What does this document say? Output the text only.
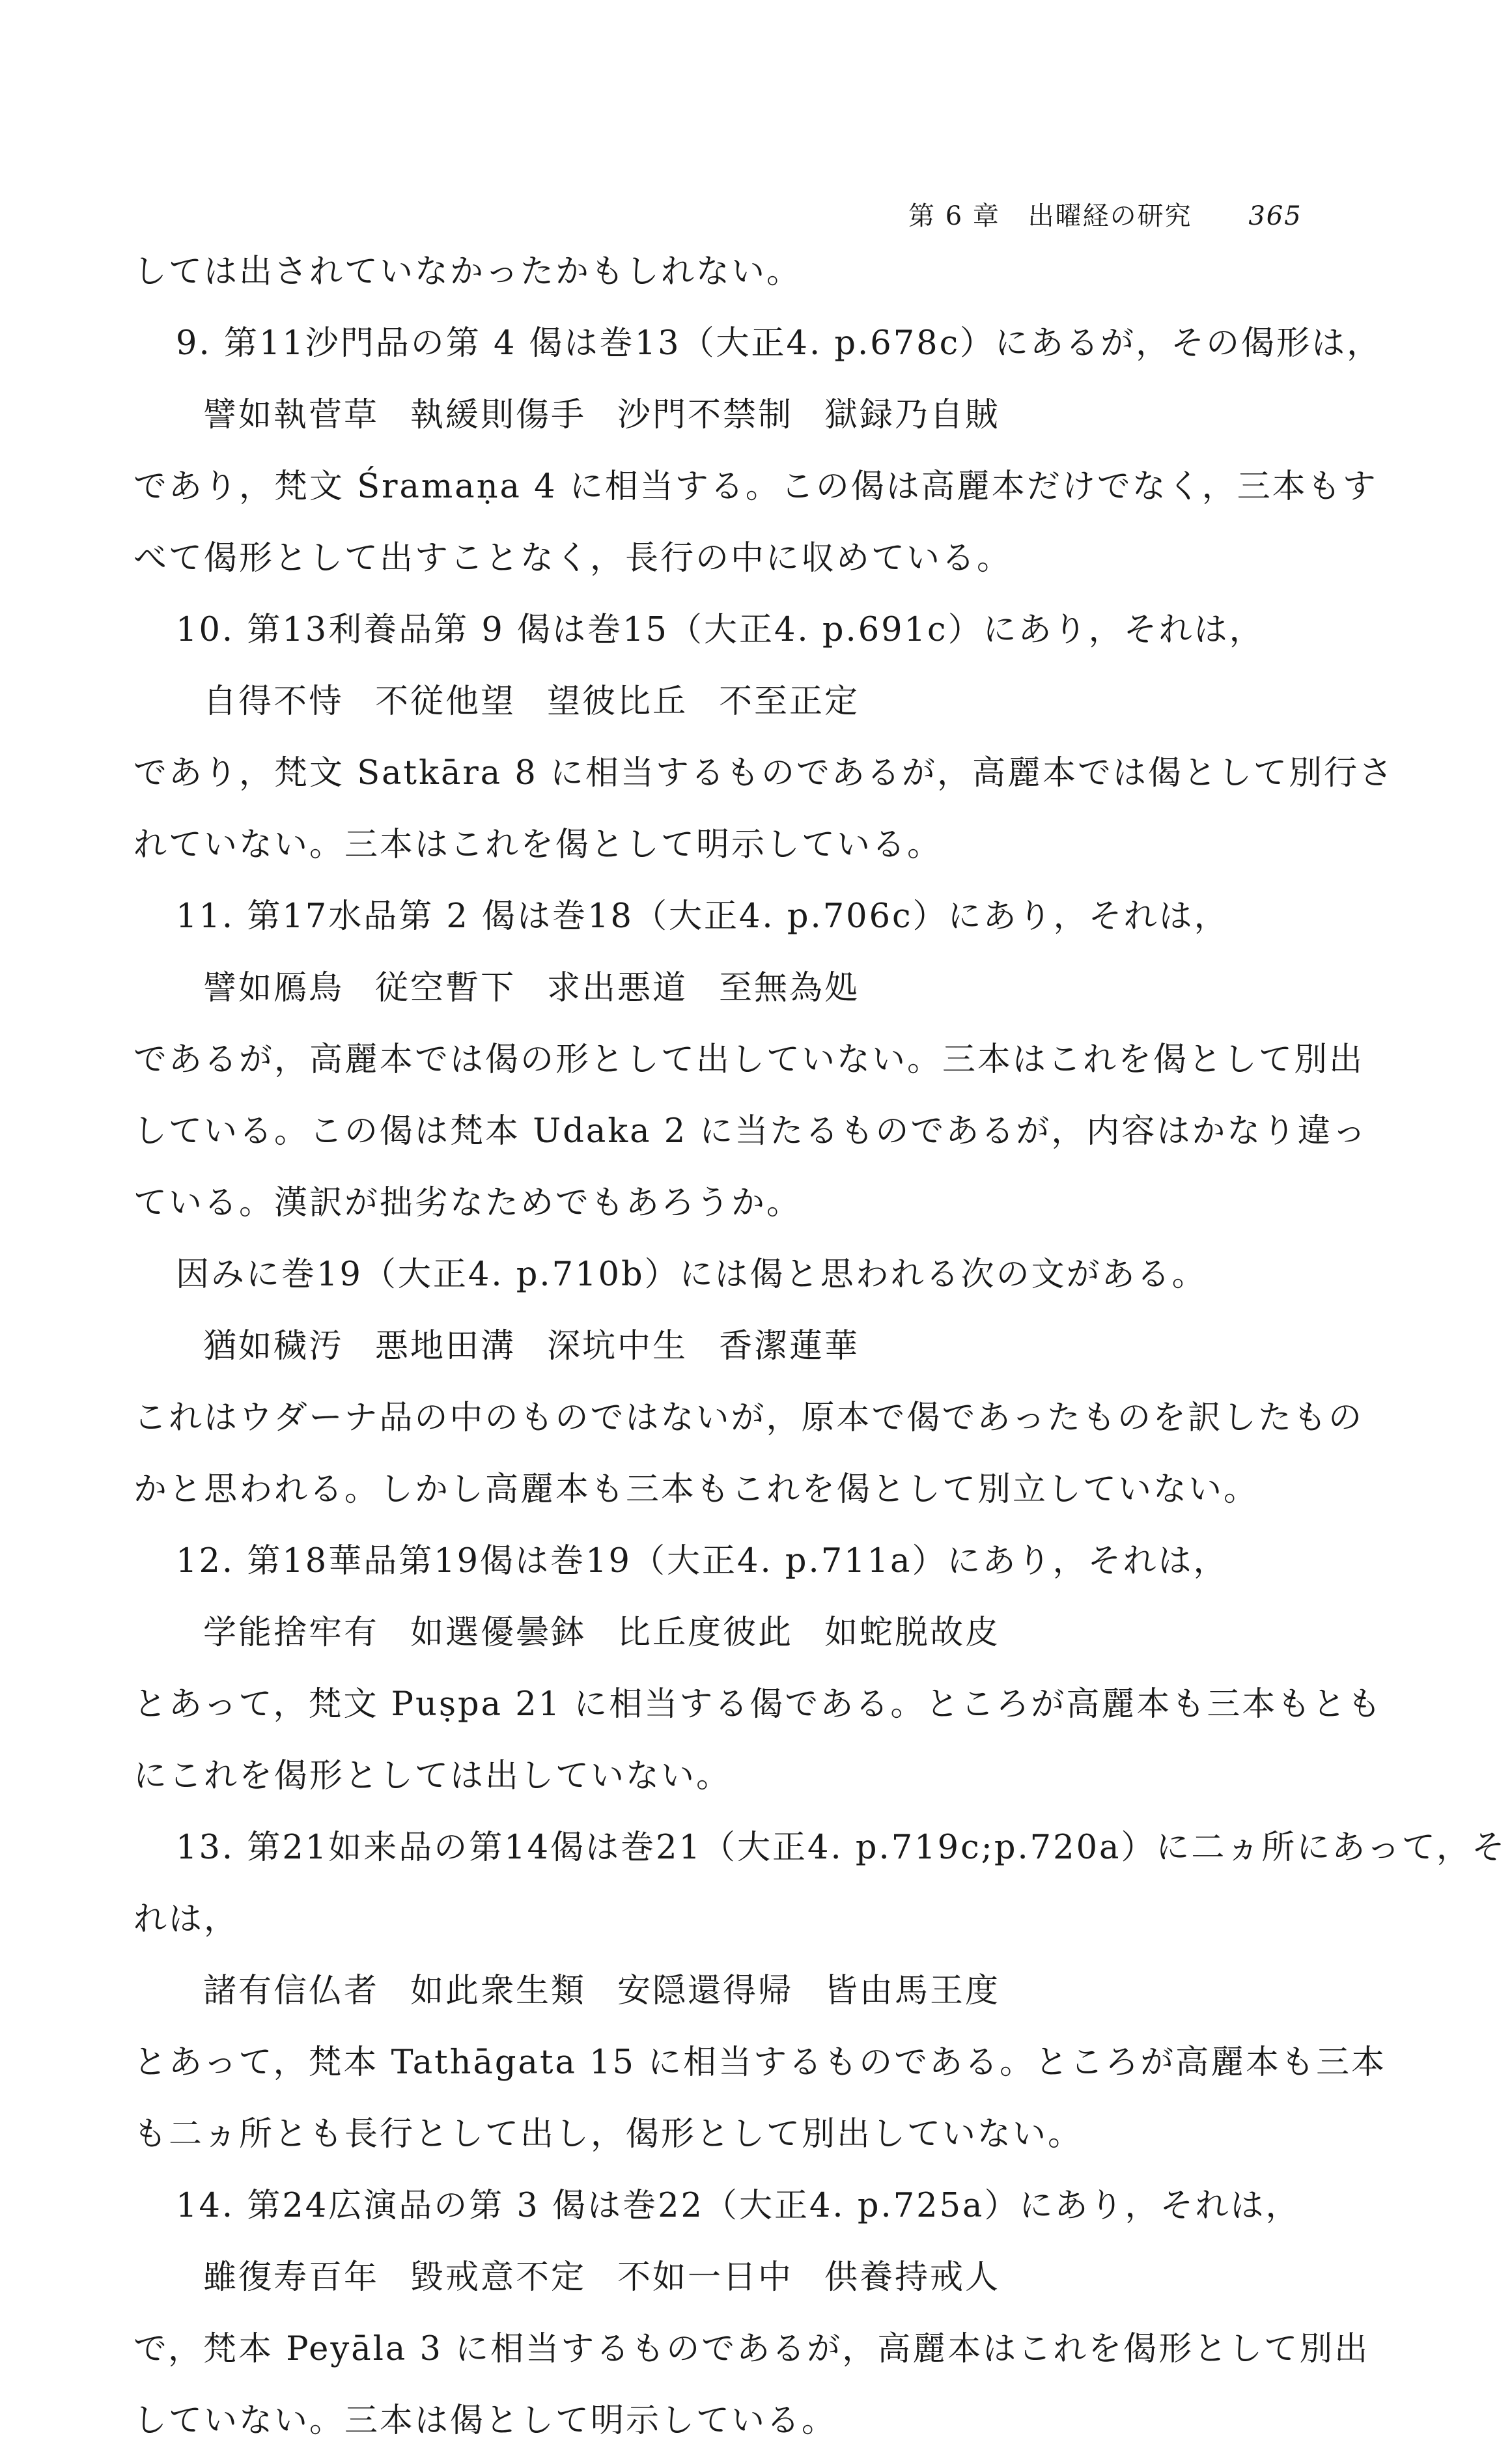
第 6 章 出曜経の研究 365
しては出されていなかったかもしれない。
9. 第11沙門品の第 4 偈は巻13（大正4. p.678c）にあるが，その偈形は，
譬如執菅草 執緩則傷手 沙門不禁制 獄録乃自賊
であり，梵文 Śramaṇa 4 に相当する。この偈は高麗本だけでなく，三本もす
べて偈形として出すことなく，長行の中に収めている。
10. 第13利養品第 9 偈は巻15（大正4. p.691c）にあり，それは，
自得不恃 不従他望 望彼比丘 不至正定
であり，梵文 Satkāra 8 に相当するものであるが，高麗本では偈として別行さ
れていない。三本はこれを偈として明示している。
11. 第17水品第 2 偈は巻18（大正4. p.706c）にあり，それは，
譬如鴈鳥 従空暫下 求出悪道 至無為処
であるが，高麗本では偈の形として出していない。三本はこれを偈として別出
している。この偈は梵本 Udaka 2 に当たるものであるが，内容はかなり違っ
ている。漢訳が拙劣なためでもあろうか。
因みに巻19（大正4. p.710b）には偈と思われる次の文がある。
猶如穢汚 悪地田溝 深坑中生 香潔蓮華
これはウダーナ品の中のものではないが，原本で偈であったものを訳したもの
かと思われる。しかし高麗本も三本もこれを偈として別立していない。
12. 第18華品第19偈は巻19（大正4. p.711a）にあり，それは，
学能捨牢有 如選優曇鉢 比丘度彼此 如蛇脱故皮
とあって，梵文 Puṣpa 21 に相当する偈である。ところが高麗本も三本もとも
にこれを偈形としては出していない。
13. 第21如来品の第14偈は巻21（大正4. p.719c;p.720a）に二ヵ所にあって，そ
れは，
諸有信仏者 如此衆生類 安隠還得帰 皆由馬王度
とあって，梵本 Tathāgata 15 に相当するものである。ところが高麗本も三本
も二ヵ所とも長行として出し，偈形として別出していない。
14. 第24広演品の第 3 偈は巻22（大正4. p.725a）にあり，それは，
雖復寿百年 毀戒意不定 不如一日中 供養持戒人
で，梵本 Peyāla 3 に相当するものであるが，高麗本はこれを偈形として別出
していない。三本は偈として明示している。
